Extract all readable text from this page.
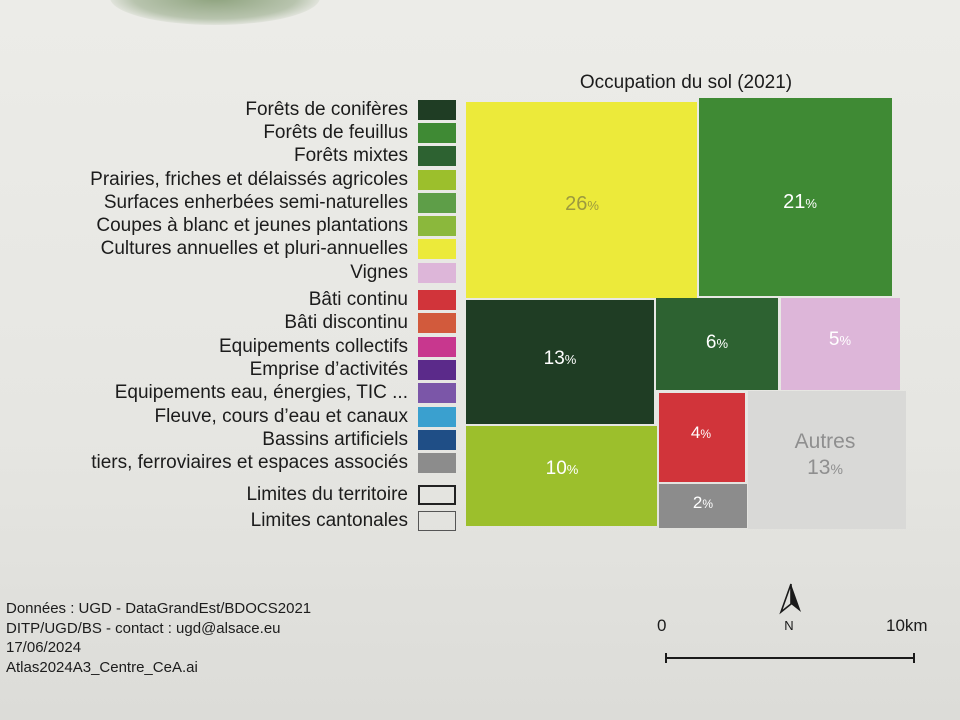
Forêts de conifères
Forêts de feuillus
Forêts mixtes
Prairies, friches et délaissés agricoles
Surfaces enherbées semi-naturelles
Coupes à blanc et jeunes plantations
Cultures annuelles et pluri-annuelles
Vignes
Bâti continu
Bâti discontinu
Equipements collectifs
Emprise d’activités
Equipements eau, énergies, TIC ...
Fleuve, cours d’eau et canaux
Bassins artificiels
tiers, ferroviaires et espaces associés
Limites du territoire
Limites cantonales
Occupation du sol (2021)
26%	21%
13%
10%
6%	5%
4%
2%
Autres
13%
Données : UGD - DataGrandEst/BDOCS2021
DITP/UGD/BS - contact : ugd@alsace.eu
17/06/2024
Atlas2024A3_Centre_CeA.ai
N
0	10km
